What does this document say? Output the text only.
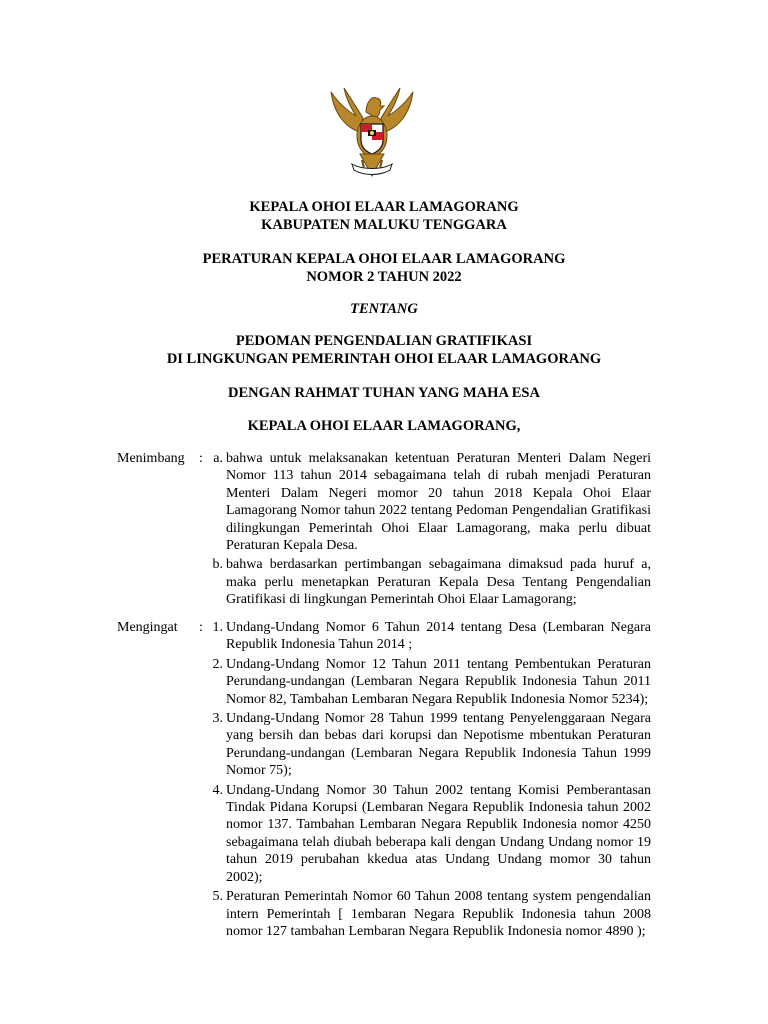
KEPALA OHOI ELAAR LAMAGORANG
KABUPATEN MALUKU TENGGARA
PERATURAN KEPALA OHOI ELAAR LAMAGORANG
NOMOR 2 TAHUN 2022
TENTANG
PEDOMAN PENGENDALIAN GRATIFIKASI
DI LINGKUNGAN PEMERINTAH OHOI ELAAR LAMAGORANG
DENGAN RAHMAT TUHAN YANG MAHA ESA
KEPALA OHOI ELAAR LAMAGORANG,
Menimbang : a. bahwa untuk melaksanakan ketentuan Peraturan Menteri Dalam Negeri Nomor 113 tahun 2014 sebagaimana telah di rubah menjadi Peraturan Menteri Dalam Negeri momor 20 tahun 2018 Kepala Ohoi Elaar Lamagorang Nomor tahun 2022 tentang Pedoman Pengendalian Gratifikasi dilingkungan Pemerintah Ohoi Elaar Lamagorang, maka perlu dibuat Peraturan Kepala Desa.
b. bahwa berdasarkan pertimbangan sebagaimana dimaksud pada huruf a, maka perlu menetapkan Peraturan Kepala Desa Tentang Pengendalian Gratifikasi di lingkungan Pemerintah Ohoi Elaar Lamagorang;
Mengingat : 1. Undang-Undang Nomor 6 Tahun 2014 tentang Desa (Lembaran Negara Republik Indonesia Tahun 2014 ;
2. Undang-Undang Nomor 12 Tahun 2011 tentang Pembentukan Peraturan Perundang-undangan (Lembaran Negara Republik Indonesia Tahun 2011 Nomor 82, Tambahan Lembaran Negara Republik Indonesia Nomor 5234);
3. Undang-Undang Nomor 28 Tahun 1999 tentang Penyelenggaraan Negara yang bersih dan bebas dari korupsi dan Nepotisme mbentukan Peraturan Perundang-undangan (Lembaran Negara Republik Indonesia Tahun 1999 Nomor 75);
4. Undang-Undang Nomor 30 Tahun 2002 tentang Komisi Pemberantasan Tindak Pidana Korupsi (Lembaran Negara Republik Indonesia tahun 2002 nomor 137. Tambahan Lembaran Negara Republik Indonesia nomor 4250 sebagaimana telah diubah beberapa kali dengan Undang Undang nomor 19 tahun 2019 perubahan kkedua atas Undang Undang momor 30 tahun 2002);
5. Peraturan Pemerintah Nomor 60 Tahun 2008 tentang system pengendalian intern Pemerintah [ 1embaran Negara Republik Indonesia tahun 2008 nomor 127 tambahan Lembaran Negara Republik Indonesia nomor 4890 );
